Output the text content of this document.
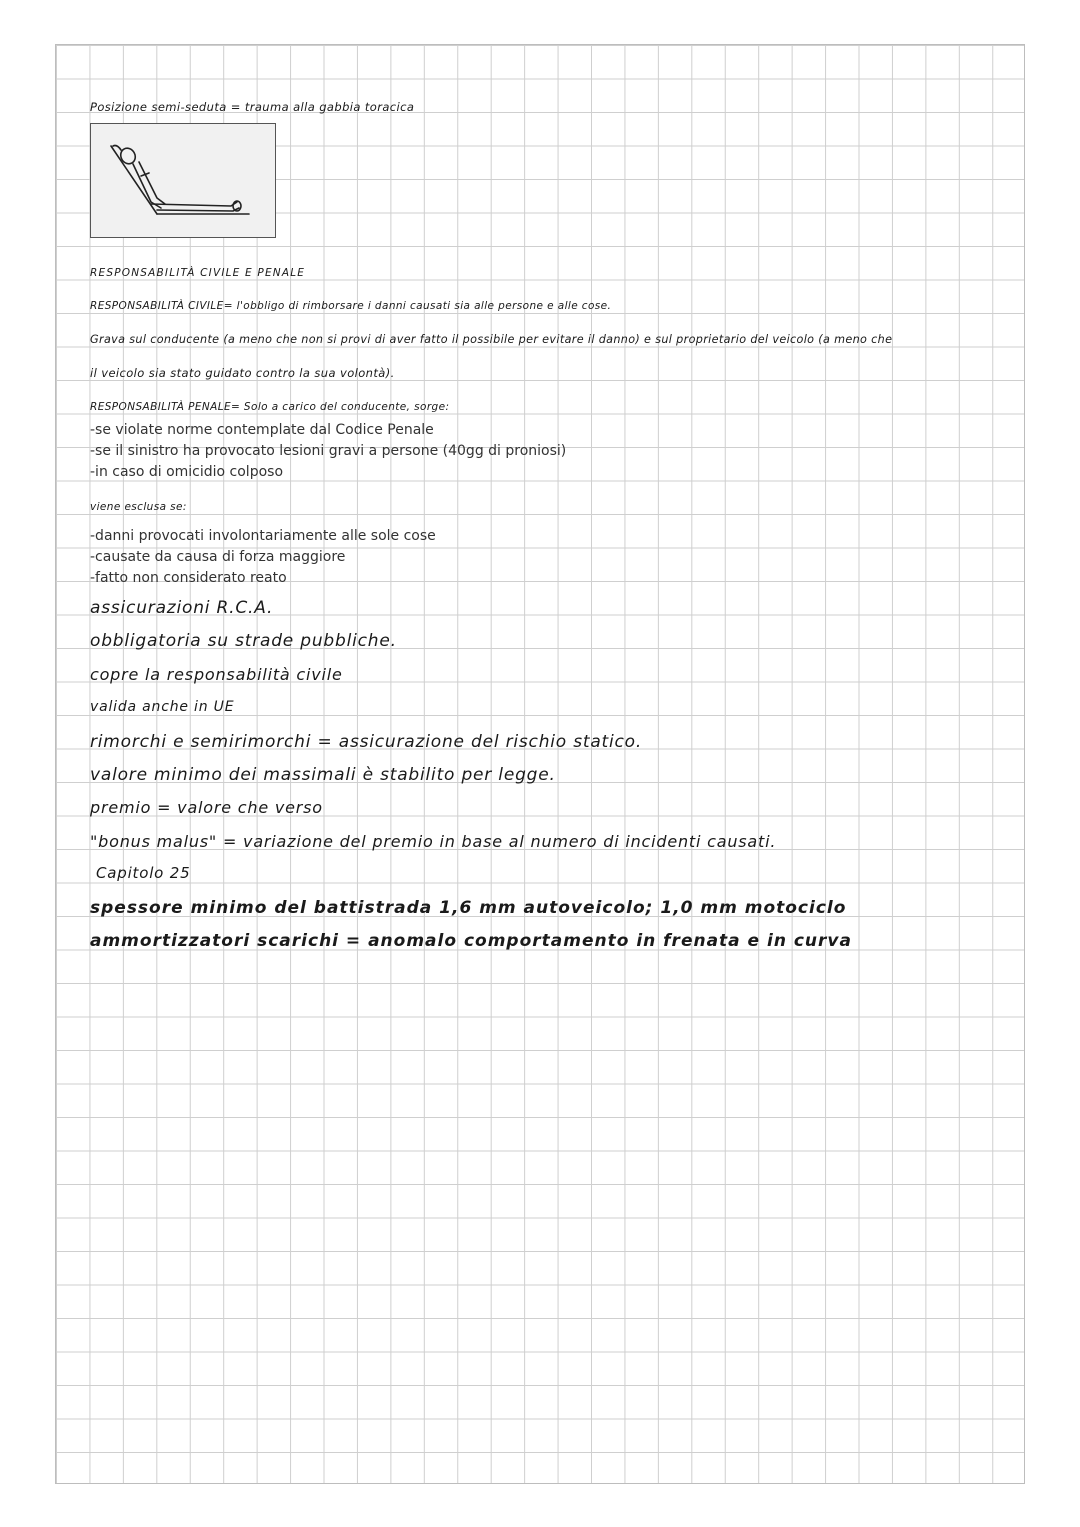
Posizione semi-seduta = trauma alla gabbia toracica
RESPONSABILITÀ CIVILE E PENALE
RESPONSABILITÀ CIVILE= l'obbligo di rimborsare i danni causati sia alle persone e alle cose.
Grava sul conducente (a meno che non si provi di aver fatto il possibile per evitare il danno) e sul proprietario del veicolo (a meno che
il veicolo sia stato guidato contro la sua volontà).
RESPONSABILITÀ PENALE= Solo a carico del conducente, sorge:
-se violate norme contemplate dal Codice Penale
-se il sinistro ha provocato lesioni gravi a persone (40gg di proniosi)
-in caso di omicidio colposo
viene esclusa se:
-danni provocati involontariamente alle sole cose
-causate da causa di forza maggiore
-fatto non considerato reato
assicurazioni R.C.A.
obbligatoria su strade pubbliche.
copre la responsabilità civile
valida anche in UE
rimorchi e semirimorchi = assicurazione del rischio statico.
valore minimo dei massimali è stabilito per legge.
premio = valore che verso
"bonus malus" = variazione del premio in base al numero di incidenti causati.
Capitolo 25
spessore minimo del battistrada 1,6 mm autoveicolo; 1,0 mm motociclo
ammortizzatori scarichi = anomalo comportamento in frenata e in curva
